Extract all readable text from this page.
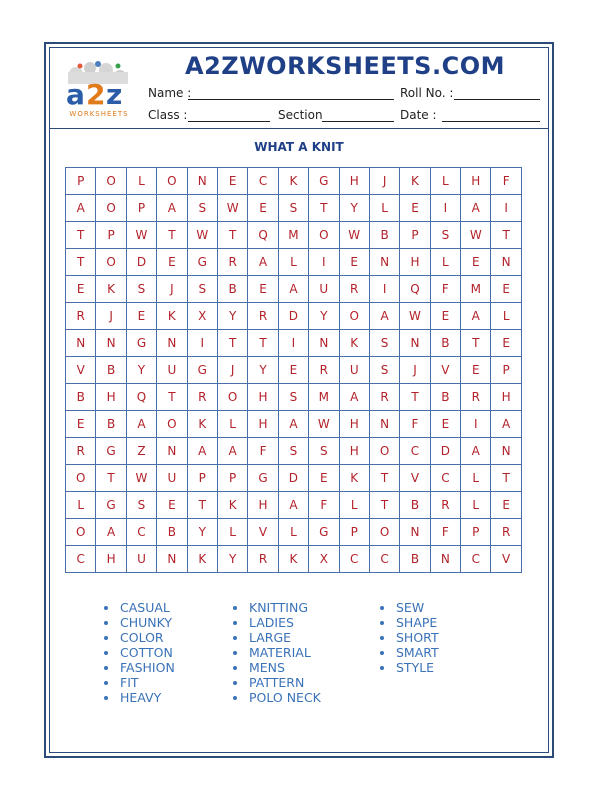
a 2 z
WORKSHEETS
A2ZWORKSHEETS.COM
Name :	Roll No. :
Class :	Section	Date :
WHAT A KNIT
P	O	L	O	N	E	C	K	G	H	J	K	L	H	F
A	O	P	A	S	W	E	S	T	Y	L	E	I	A	I
T	P	W	T	W	T	Q	M	O	W	B	P	S	W	T
T	O	D	E	G	R	A	L	I	E	N	H	L	E	N
E	K	S	J	S	B	E	A	U	R	I	Q	F	M	E
R	J	E	K	X	Y	R	D	Y	O	A	W	E	A	L
N	N	G	N	I	T	T	I	N	K	S	N	B	T	E
V	B	Y	U	G	J	Y	E	R	U	S	J	V	E	P
B	H	Q	T	R	O	H	S	M	A	R	T	B	R	H
E	B	A	O	K	L	H	A	W	H	N	F	E	I	A
R	G	Z	N	A	A	F	S	S	H	O	C	D	A	N
O	T	W	U	P	P	G	D	E	K	T	V	C	L	T
L	G	S	E	T	K	H	A	F	L	T	B	R	L	E
O	A	C	B	Y	L	V	L	G	P	O	N	F	P	R
C	H	U	N	K	Y	R	K	X	C	C	B	N	C	V
CASUAL
CHUNKY
COLOR
COTTON
FASHION
FIT
HEAVY
KNITTING
LADIES
LARGE
MATERIAL
MENS
PATTERN
POLO NECK
SEW
SHAPE
SHORT
SMART
STYLE
